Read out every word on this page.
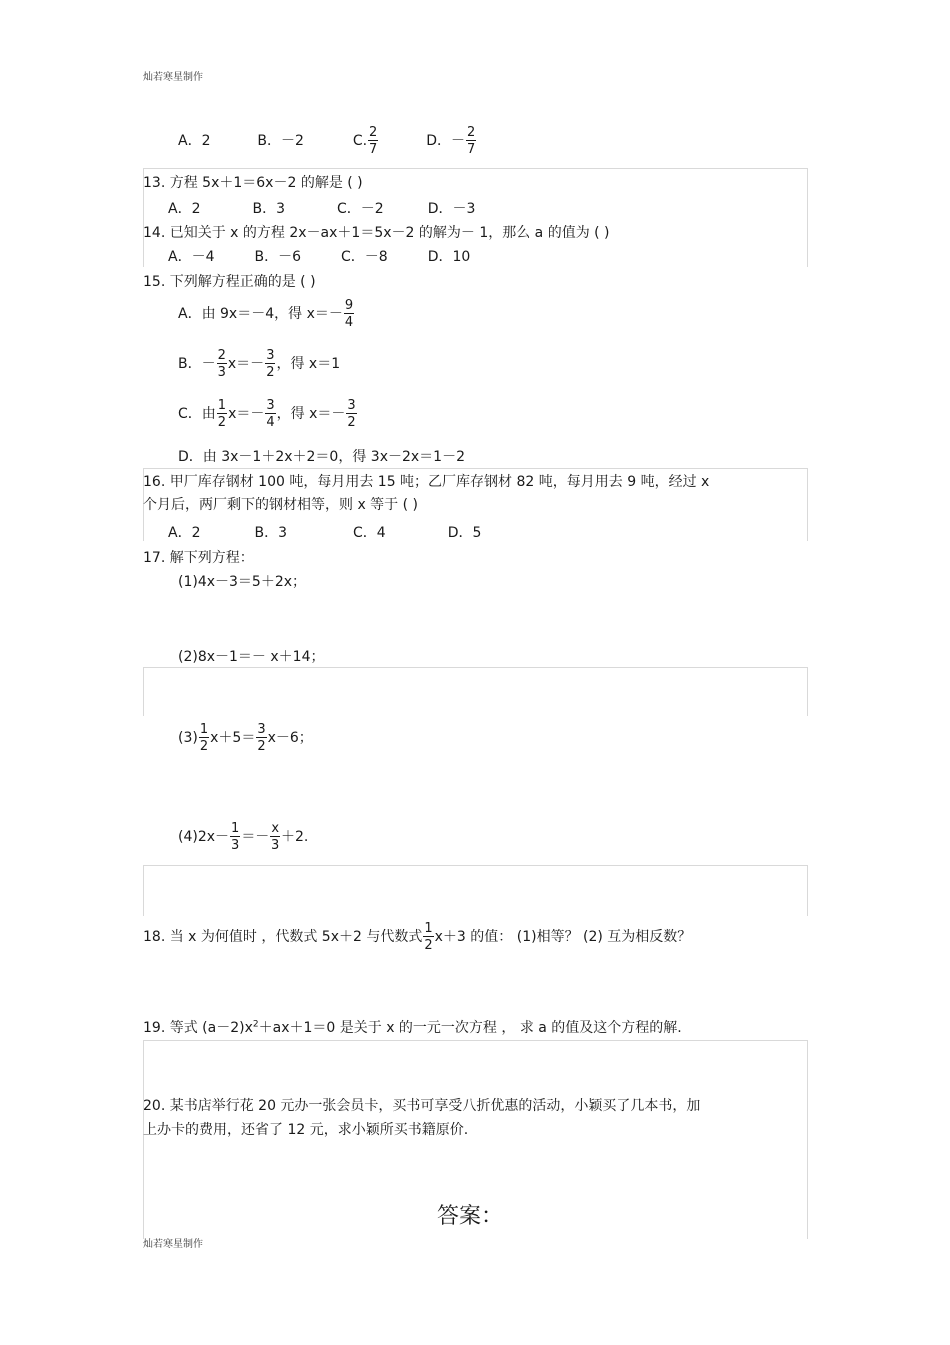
灿若寒星制作
A．2	B．－2	C. $\frac{2}{7}$	D．－ $\frac{2}{7}$
13. 方程 5x＋1＝6x－2 的解是 ( )
A．2	B．3	C．－2	D．－3
14. 已知关于 x 的方程 2x－ax＋1＝5x－2 的解为－ 1，那么 a 的值为 ( )
A．－4	B．－6	C．－8	D．10
15. 下列解方程正确的是 ( )
A．由 9x＝－4，得 $x=- \frac{9}{4}$
B．－ $\frac{2}{3} x=- \frac{3}{2}$ ，得 x＝1
C．由 $\frac{1}{2} x=- \frac{3}{4}$ ，得 $x=- \frac{3}{2}$
D．由 3x－1＋2x＋2＝0，得 3x－2x＝1－2
16. 甲厂库存钢材 100 吨，每月用去 15 吨；乙厂库存钢材 82 吨，每月用去 9 吨，经过 x
个月后，两厂剩下的钢材相等，则 x 等于 ( )
A．2	B．3	C．4	D．5
17. 解下列方程：
(1)4x－3＝5＋2x；
(2)8x－1＝－ x＋14；
$(3) \frac{1}{2} x+5= \frac{3}{2} x-6$；
$(4)2x- \frac{1}{3} =- \frac{x}{3} +2$.
18. 当 x 为何值时 ，代数式 5x＋2 与代数式 $\frac{1}{2} x+3$ 的值： (1)相等？ (2) 互为相反数？
19. 等式 $(a-2)x^2+ax+1=0$ 是关于 x 的一元一次方程 ， 求 a 的值及这个方程的解.
20. 某书店举行花 20 元办一张会员卡，买书可享受八折优惠的活动，小颖买了几本书，加
上办卡的费用，还省了 12 元，求小颖所买书籍原价.
答案：
灿若寒星制作
